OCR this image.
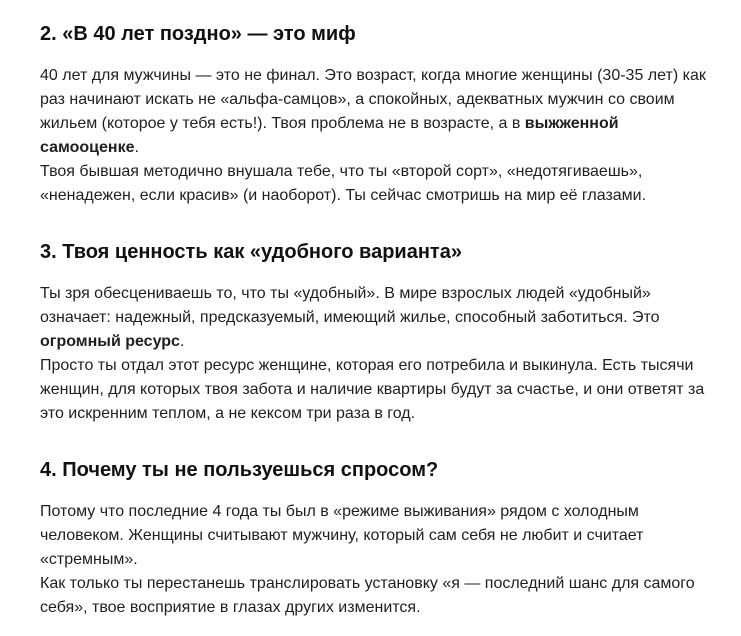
2. «В 40 лет поздно» — это миф

40 лет для мужчины — это не финал. Это возраст, когда многие женщины (30-35 лет) как раз начинают искать не «альфа-самцов», а спокойных, адекватных мужчин со своим жильем (которое у тебя есть!). Твоя проблема не в возрасте, а в выжженной самооценке.

Твоя бывшая методично внушала тебе, что ты «второй сорт», «недотягиваешь», «ненадежен, если красив» (и наоборот). Ты сейчас смотришь на мир её глазами.

3. Твоя ценность как «удобного варианта»

Ты зря обесцениваешь то, что ты «удобный». В мире взрослых людей «удобный» означает: надежный, предсказуемый, имеющий жилье, способный заботиться. Это огромный ресурс.

Просто ты отдал этот ресурс женщине, которая его потребила и выкинула. Есть тысячи женщин, для которых твоя забота и наличие квартиры будут за счастье, и они ответят за это искренним теплом, а не кексом три раза в год.

4. Почему ты не пользуешься спросом?

Потому что последние 4 года ты был в «режиме выживания» рядом с холодным человеком. Женщины считывают мужчину, который сам себя не любит и считает «стремным».

Как только ты перестанешь транслировать установку «я — последний шанс для самого себя», твое восприятие в глазах других изменится.
